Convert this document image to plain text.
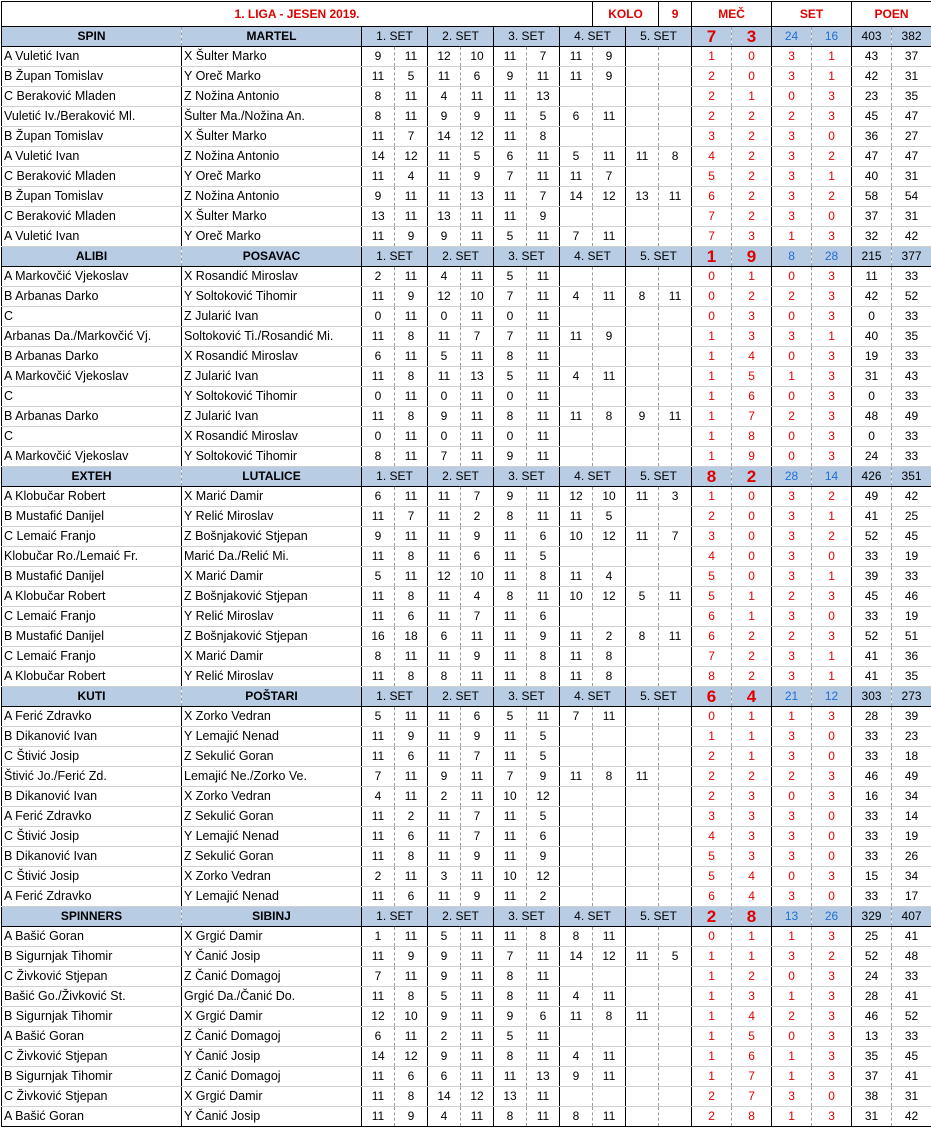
1. LIGA - JESEN 2019.									KOLO		9	MEČ		SET		POEN	
SPIN	MARTEL	1. SET		2. SET		3. SET		4. SET		5. SET		7	3	24	16	403	382
A Vuletić Ivan	X Šulter Marko	9	11	12	10	11	7	11	9			1	0	3	1	43	37
B Župan Tomislav	Y Oreč Marko	11	5	11	6	9	11	11	9			2	0	3	1	42	31
C Beraković Mladen	Z Nožina Antonio	8	11	4	11	11	13					2	1	0	3	23	35
Vuletić Iv./Beraković Ml.	Šulter Ma./Nožina An.	8	11	9	9	11	5	6	11			2	2	2	3	45	47
B Župan Tomislav	X Šulter Marko	11	7	14	12	11	8					3	2	3	0	36	27
A Vuletić Ivan	Z Nožina Antonio	14	12	11	5	6	11	5	11	11	8	4	2	3	2	47	47
C Beraković Mladen	Y Oreč Marko	11	4	11	9	7	11	11	7			5	2	3	1	40	31
B Župan Tomislav	Z Nožina Antonio	9	11	11	13	11	7	14	12	13	11	6	2	3	2	58	54
C Beraković Mladen	X Šulter Marko	13	11	13	11	11	9					7	2	3	0	37	31
A Vuletić Ivan	Y Oreč Marko	11	9	9	11	5	11	7	11			7	3	1	3	32	42
ALIBI	POSAVAC	1. SET		2. SET		3. SET		4. SET		5. SET		1	9	8	28	215	377
A Markovčić Vjekoslav	X Rosandić Miroslav	2	11	4	11	5	11					0	1	0	3	11	33
B Arbanas Darko	Y Soltoković Tihomir	11	9	12	10	7	11	4	11	8	11	0	2	2	3	42	52
C	Z Jularić Ivan	0	11	0	11	0	11					0	3	0	3	0	33
Arbanas Da./Markovčić Vj.	Soltoković Ti./Rosandić Mi.	11	8	11	7	7	11	11	9			1	3	3	1	40	35
B Arbanas Darko	X Rosandić Miroslav	6	11	5	11	8	11					1	4	0	3	19	33
A Markovčić Vjekoslav	Z Jularić Ivan	11	8	11	13	5	11	4	11			1	5	1	3	31	43
C	Y Soltoković Tihomir	0	11	0	11	0	11					1	6	0	3	0	33
B Arbanas Darko	Z Jularić Ivan	11	8	9	11	8	11	11	8	9	11	1	7	2	3	48	49
C	X Rosandić Miroslav	0	11	0	11	0	11					1	8	0	3	0	33
A Markovčić Vjekoslav	Y Soltoković Tihomir	8	11	7	11	9	11					1	9	0	3	24	33
EXTEH	LUTALICE	1. SET		2. SET		3. SET		4. SET		5. SET		8	2	28	14	426	351
A Klobučar Robert	X Marić Damir	6	11	11	7	9	11	12	10	11	3	1	0	3	2	49	42
B Mustafić Danijel	Y Relić Miroslav	11	7	11	2	8	11	11	5			2	0	3	1	41	25
C Lemaić Franjo	Z Bošnjaković Stjepan	9	11	11	9	11	6	10	12	11	7	3	0	3	2	52	45
Klobučar Ro./Lemaić Fr.	Marić Da./Relić Mi.	11	8	11	6	11	5					4	0	3	0	33	19
B Mustafić Danijel	X Marić Damir	5	11	12	10	11	8	11	4			5	0	3	1	39	33
A Klobučar Robert	Z Bošnjaković Stjepan	11	8	11	4	8	11	10	12	5	11	5	1	2	3	45	46
C Lemaić Franjo	Y Relić Miroslav	11	6	11	7	11	6					6	1	3	0	33	19
B Mustafić Danijel	Z Bošnjaković Stjepan	16	18	6	11	11	9	11	2	8	11	6	2	2	3	52	51
C Lemaić Franjo	X Marić Damir	8	11	11	9	11	8	11	8			7	2	3	1	41	36
A Klobučar Robert	Y Relić Miroslav	11	8	8	11	11	8	11	8			8	2	3	1	41	35
KUTI	POŠTARI	1. SET		2. SET		3. SET		4. SET		5. SET		6	4	21	12	303	273
A Ferić Zdravko	X Zorko Vedran	5	11	11	6	5	11	7	11			0	1	1	3	28	39
B Dikanović Ivan	Y Lemajić Nenad	11	9	11	9	11	5					1	1	3	0	33	23
C Štivić Josip	Z Sekulić Goran	11	6	11	7	11	5					2	1	3	0	33	18
Štivić Jo./Ferić Zd.	Lemajić Ne./Zorko Ve.	7	11	9	11	7	9	11	8	11		2	2	2	3	46	49
B Dikanović Ivan	X Zorko Vedran	4	11	2	11	10	12					2	3	0	3	16	34
A Ferić Zdravko	Z Sekulić Goran	11	2	11	7	11	5					3	3	3	0	33	14
C Štivić Josip	Y Lemajić Nenad	11	6	11	7	11	6					4	3	3	0	33	19
B Dikanović Ivan	Z Sekulić Goran	11	8	11	9	11	9					5	3	3	0	33	26
C Štivić Josip	X Zorko Vedran	2	11	3	11	10	12					5	4	0	3	15	34
A Ferić Zdravko	Y Lemajić Nenad	11	6	11	9	11	2					6	4	3	0	33	17
SPINNERS	SIBINJ	1. SET		2. SET		3. SET		4. SET		5. SET		2	8	13	26	329	407
A Bašić Goran	X Grgić Damir	1	11	5	11	11	8	8	11			0	1	1	3	25	41
B Sigurnjak Tihomir	Y Čanić Josip	11	9	9	11	7	11	14	12	11	5	1	1	3	2	52	48
C Živković Stjepan	Z Čanić Domagoj	7	11	9	11	8	11					1	2	0	3	24	33
Bašić Go./Živković St.	Grgić Da./Čanić Do.	11	8	5	11	8	11	4	11			1	3	1	3	28	41
B Sigurnjak Tihomir	X Grgić Damir	12	10	9	11	9	6	11	8	11		1	4	2	3	46	52
A Bašić Goran	Z Čanić Domagoj	6	11	2	11	5	11					1	5	0	3	13	33
C Živković Stjepan	Y Čanić Josip	14	12	9	11	8	11	4	11			1	6	1	3	35	45
B Sigurnjak Tihomir	Z Čanić Domagoj	11	6	6	11	11	13	9	11			1	7	1	3	37	41
C Živković Stjepan	X Grgić Damir	11	8	14	12	13	11					2	7	3	0	38	31
A Bašić Goran	Y Čanić Josip	11	9	4	11	8	11	8	11			2	8	1	3	31	42
